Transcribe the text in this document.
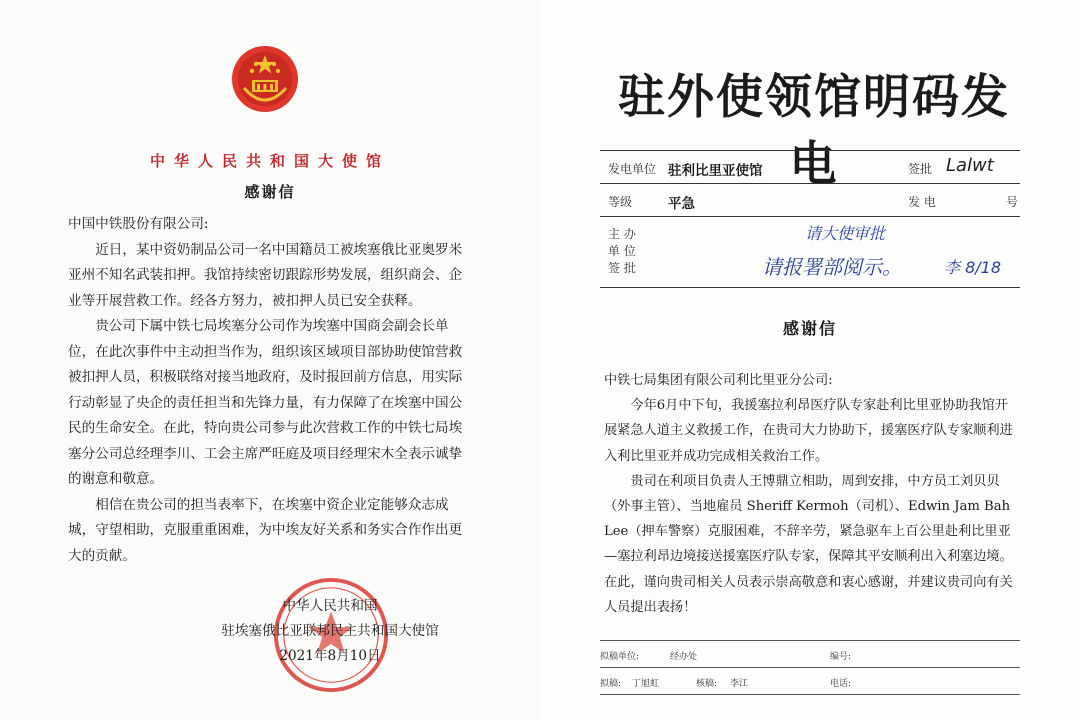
中华人民共和国大使馆
感谢信

中国中铁股份有限公司:

近日，某中资奶制品公司一名中国籍员工被埃塞俄比亚奥罗米亚州不知名武装扣押。我馆持续密切跟踪形势发展，组织商会、企业等开展营救工作。经各方努力，被扣押人员已安全获释。

贵公司下属中铁七局埃塞分公司作为埃塞中国商会副会长单位，在此次事件中主动担当作为，组织该区域项目部协助使馆营救被扣押人员，积极联络对接当地政府，及时报回前方信息，用实际行动彰显了央企的责任担当和先锋力量，有力保障了在埃塞中国公民的生命安全。在此，特向贵公司参与此次营救工作的中铁七局埃塞分公司总经理李川、工会主席严旺庭及项目经理宋木全表示诚挚的谢意和敬意。

相信在贵公司的担当表率下，在埃塞中资企业定能够众志成城，守望相助，克服重重困难，为中埃友好关系和务实合作作出更大的贡献。

中华人民共和国
驻埃塞俄比亚联邦民主共和国大使馆
2021年8月10日
驻外使领馆明码发电
发电单位 驻利比里亚使馆	签批 Lalwt
等级	平急	发 电	号
主 办
单 位
签 批
请大使审批
请报署部阅示。	李 8/18
感谢信

中铁七局集团有限公司利比里亚分公司:

今年6月中下旬，我援塞拉利昂医疗队专家赴利比里亚协助我馆开展紧急人道主义救援工作，在贵司大力协助下，援塞医疗队专家顺利进入利比里亚并成功完成相关救治工作。

贵司在利项目负责人王博鼎立相助，周到安排，中方员工刘贝贝（外事主管）、当地雇员 Sheriff Kermoh（司机）、Edwin Jam Bah Lee（押车警察）克服困难，不辞辛劳，紧急驱车上百公里赴利比里亚—塞拉利昂边境接送援塞医疗队专家，保障其平安顺利出入利塞边境。在此，谨向贵司相关人员表示崇高敬意和衷心感谢，并建议贵司向有关人员提出表扬！

拟稿单位:	经办处	编号:
拟稿: 丁旭虹	核稿: 李江	电话:
